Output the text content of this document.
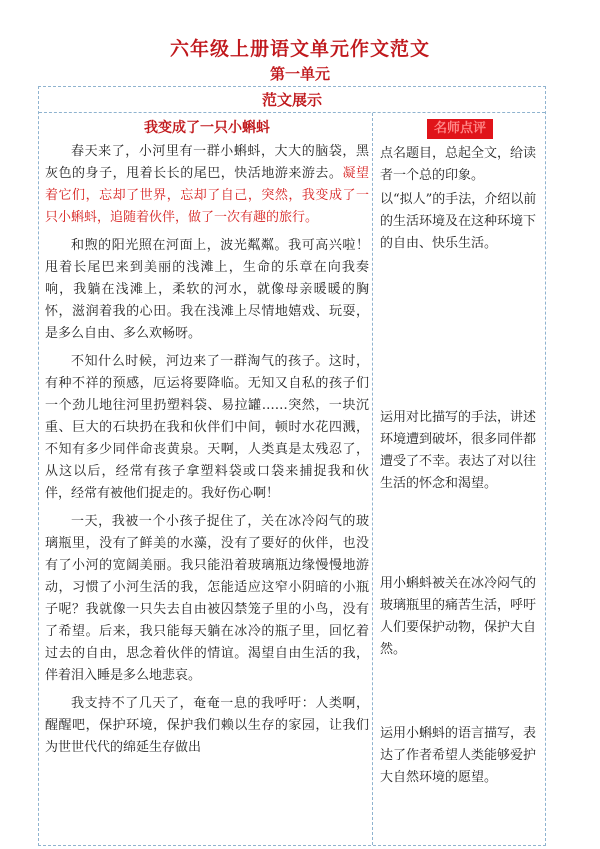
六年级上册语文单元作文范文
第一单元
范文展示
我变成了一只小蝌蚪

春天来了，小河里有一群小蝌蚪，大大的脑袋，黑灰色的身子，甩着长长的尾巴，快活地游来游去。凝望着它们，忘却了世界，忘却了自己，突然，我变成了一只小蝌蚪，追随着伙伴，做了一次有趣的旅行。

和煦的阳光照在河面上，波光粼粼。我可高兴啦！甩着长尾巴来到美丽的浅滩上，生命的乐章在向我奏响，我躺在浅滩上，柔软的河水，就像母亲暖暖的胸怀，滋润着我的心田。我在浅滩上尽情地嬉戏、玩耍，是多么自由、多么欢畅呀。

不知什么时候，河边来了一群淘气的孩子。这时，有种不祥的预感，厄运将要降临。无知又自私的孩子们一个劲儿地往河里扔塑料袋、易拉罐……突然，一块沉重、巨大的石块扔在我和伙伴们中间，顿时水花四溅，不知有多少同伴命丧黄泉。天啊，人类真是太残忍了，从这以后，经常有孩子拿塑料袋或口袋来捕捉我和伙伴，经常有被他们捉走的。我好伤心啊！

一天，我被一个小孩子捉住了，关在冰冷闷气的玻璃瓶里，没有了鲜美的水藻，没有了要好的伙伴，也没有了小河的宽阔美丽。我只能沿着玻璃瓶边缘慢慢地游动，习惯了小河生活的我，怎能适应这窄小阴暗的小瓶子呢？我就像一只失去自由被囚禁笼子里的小鸟，没有了希望。后来，我只能每天躺在冰冷的瓶子里，回忆着过去的自由，思念着伙伴的情谊。渴望自由生活的我，伴着泪入睡是多么地悲哀。

我支持不了几天了，奄奄一息的我呼吁：人类啊，醒醒吧，保护环境，保护我们赖以生存的家园，让我们为世世代代的绵延生存做出

名师点评
点名题目，总起全文，给读者一个总的印象。
以“拟人”的手法，介绍以前的生活环境及在这种环境下的自由、快乐生活。
运用对比描写的手法，讲述环境遭到破坏，很多同伴都遭受了不幸。表达了对以往生活的怀念和渴望。
用小蝌蚪被关在冰冷闷气的玻璃瓶里的痛苦生活，呼吁人们要保护动物，保护大自然。
运用小蝌蚪的语言描写，表达了作者希望人类能够爱护大自然环境的愿望。
